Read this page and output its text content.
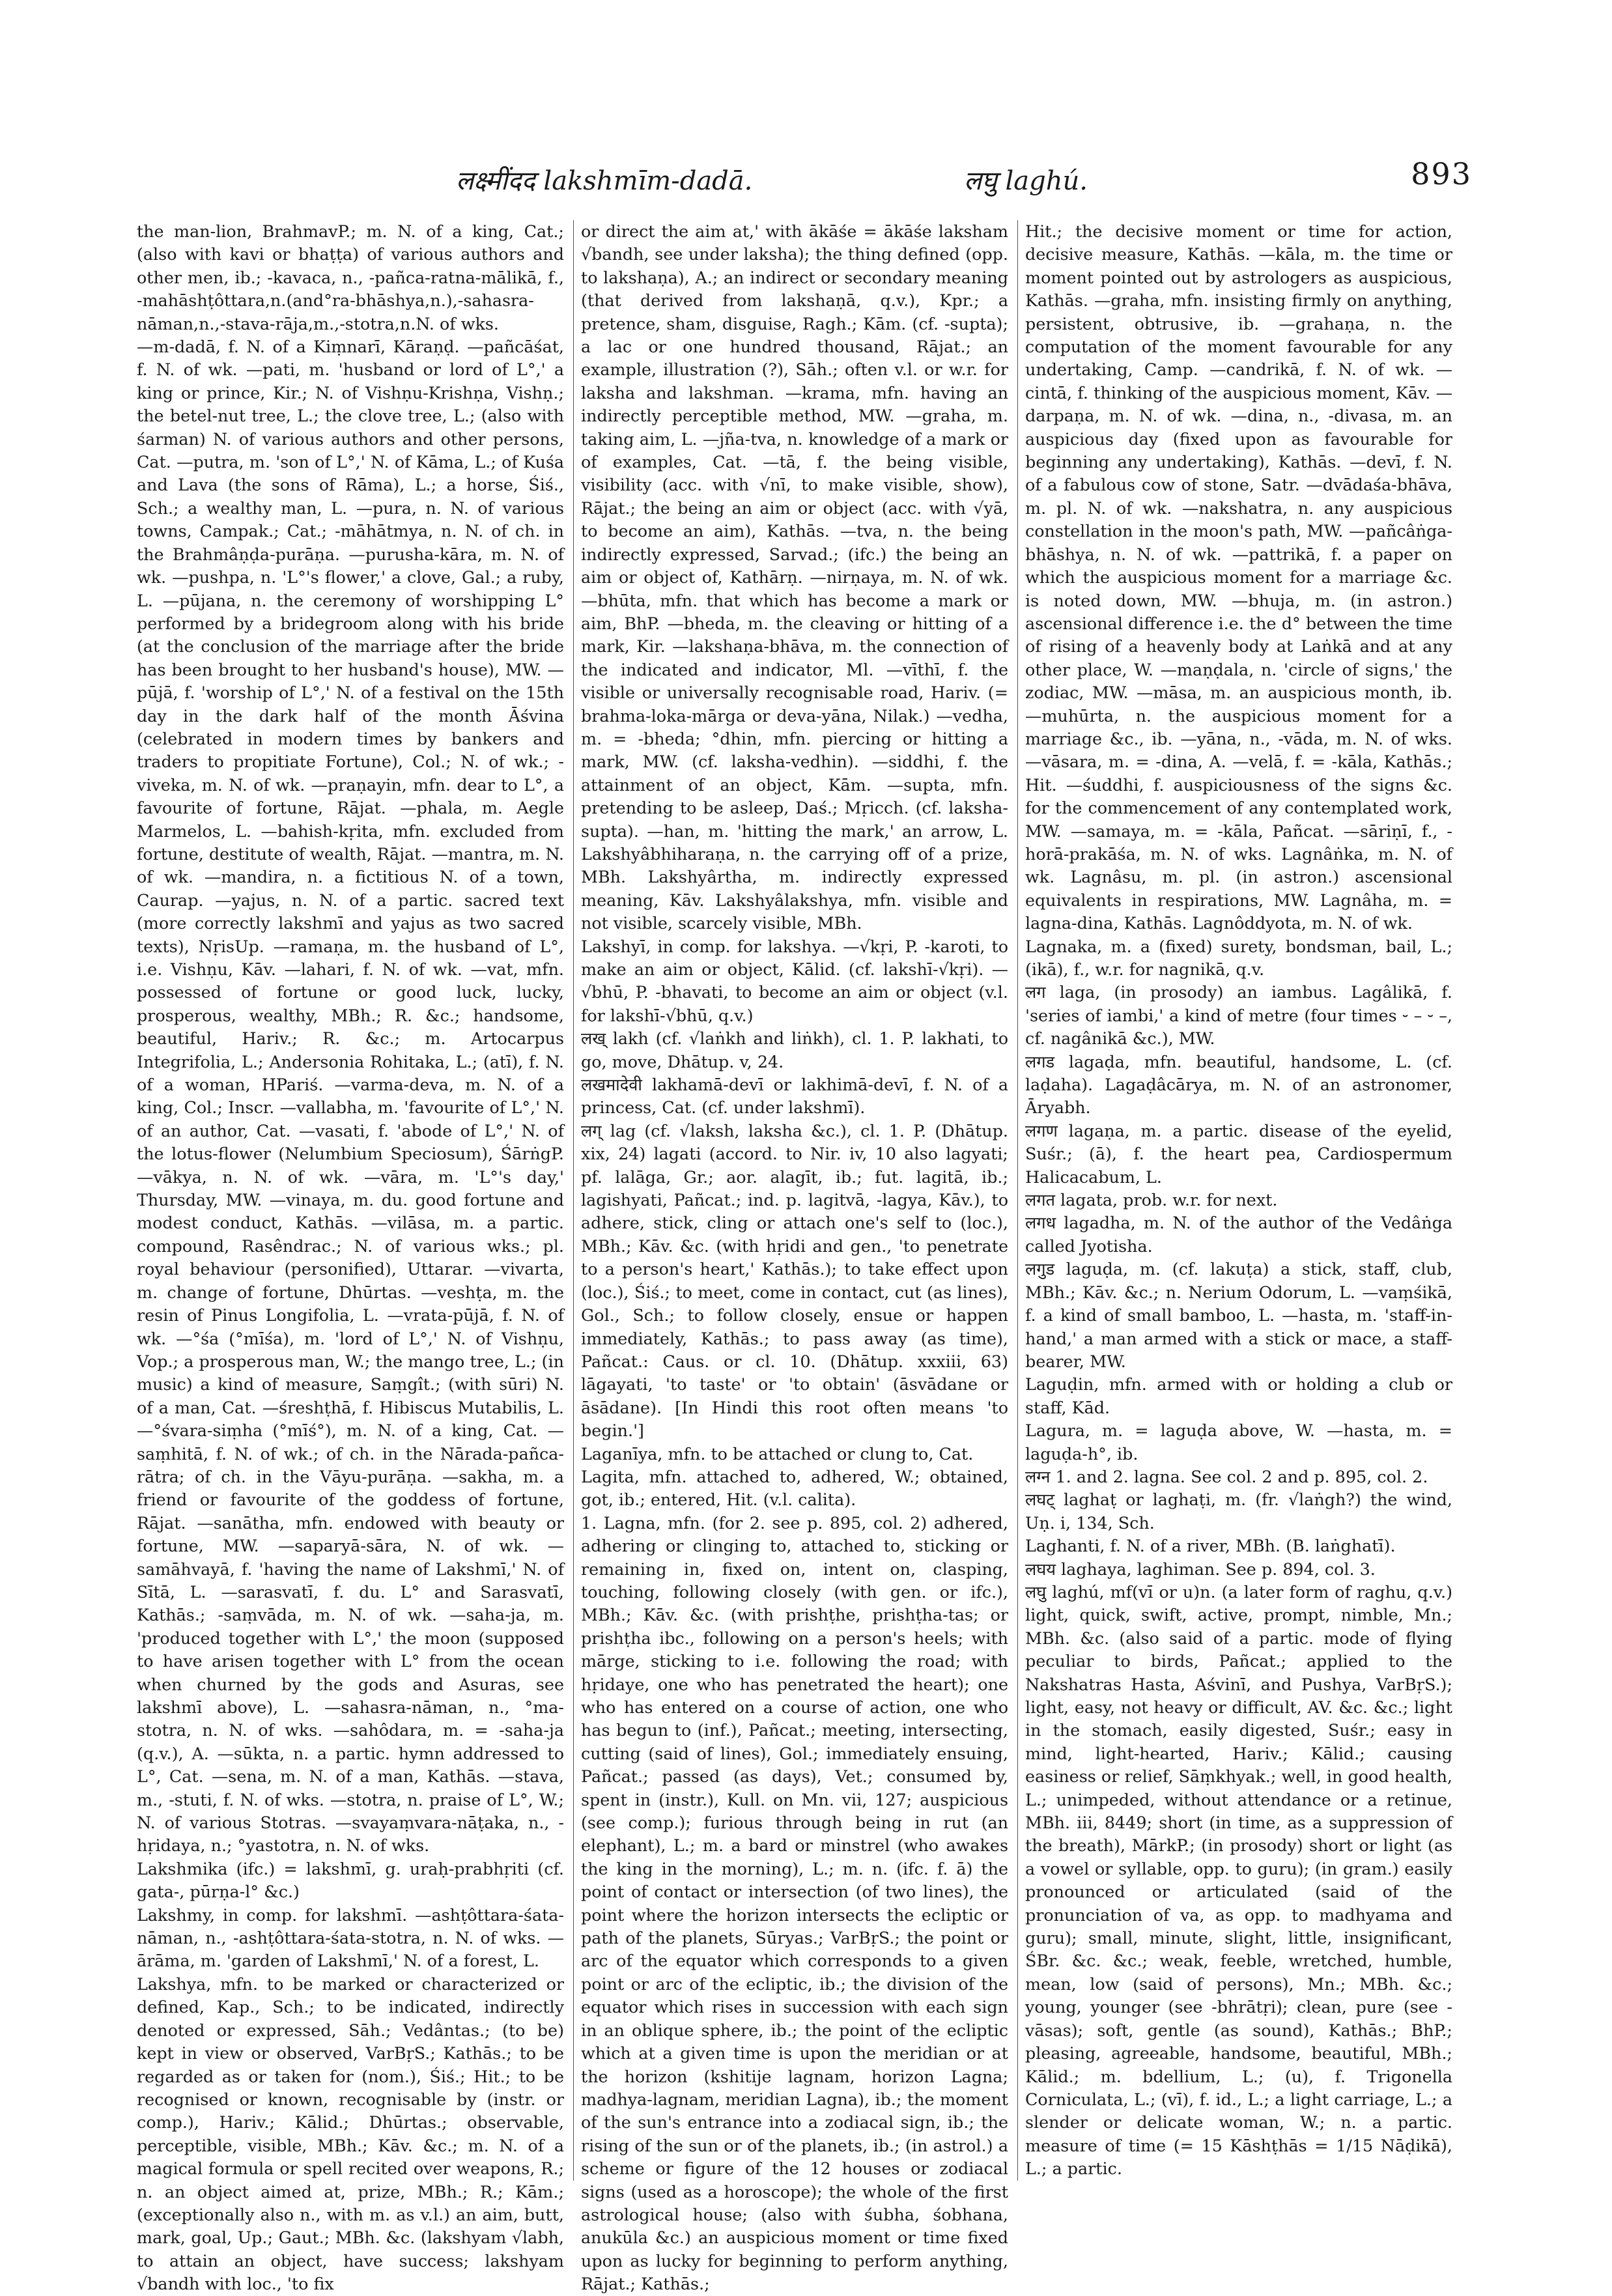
लक्ष्मींदद lakshmīm-dadā.	लघु laghú.	893

the man-lion, BrahmavP.; m. N. of a king, Cat.; (also with kavi or bhaṭṭa) of various authors and other men, ib.; -kavaca, n., -pañca-ratna-mālikā, f., -mahāshṭôttara,n.(and°ra-bhāshya,n.),-sahasra-nāman,n.,-stava-rāja,m.,-stotra,n.N. of wks.

—m-dadā, f. N. of a Kiṃnarī, Kāraṇḍ. —pañcāśat, f. N. of wk. —pati, m. 'husband or lord of L°,' a king or prince, Kir.; N. of Vishṇu-Krishṇa, Vishṇ.; the betel-nut tree, L.; the clove tree, L.; (also with śarman) N. of various authors and other persons, Cat. —putra, m. 'son of L°,' N. of Kāma, L.; of Kuśa and Lava (the sons of Rāma), L.; a horse, Śiś., Sch.; a wealthy man, L. —pura, n. N. of various towns, Campak.; Cat.; -māhātmya, n. N. of ch. in the Brahmâṇḍa-purāṇa. —purusha-kāra, m. N. of wk. —pushpa, n. 'L°'s flower,' a clove, Gal.; a ruby, L. —pūjana, n. the ceremony of worshipping L° performed by a bridegroom along with his bride (at the conclusion of the marriage after the bride has been brought to her husband's house), MW. —pūjā, f. 'worship of L°,' N. of a festival on the 15th day in the dark half of the month Āśvina (celebrated in modern times by bankers and traders to propitiate Fortune), Col.; N. of wk.; -viveka, m. N. of wk. —praṇayin, mfn. dear to L°, a favourite of fortune, Rājat. —phala, m. Aegle Marmelos, L. —bahish-kṛita, mfn. excluded from fortune, destitute of wealth, Rājat. —mantra, m. N. of wk. —mandira, n. a fictitious N. of a town, Caurap. —yajus, n. N. of a partic. sacred text (more correctly lakshmī and yajus as two sacred texts), NṛisUp. —ramaṇa, m. the husband of L°, i.e. Vishṇu, Kāv. —lahari, f. N. of wk. —vat, mfn. possessed of fortune or good luck, lucky, prosperous, wealthy, MBh.; R. &c.; handsome, beautiful, Hariv.; R. &c.; m. Artocarpus Integrifolia, L.; Andersonia Rohitaka, L.; (atī), f. N. of a woman, HPariś. —varma-deva, m. N. of a king, Col.; Inscr. —vallabha, m. 'favourite of L°,' N. of an author, Cat. —vasati, f. 'abode of L°,' N. of the lotus-flower (Nelumbium Speciosum), ŚārṅgP. —vākya, n. N. of wk. —vāra, m. 'L°'s day,' Thursday, MW. —vinaya, m. du. good fortune and modest conduct, Kathās. —vilāsa, m. a partic. compound, Rasêndrac.; N. of various wks.; pl. royal behaviour (personified), Uttarar. —vivarta, m. change of fortune, Dhūrtas. —veshṭa, m. the resin of Pinus Longifolia, L. —vrata-pūjā, f. N. of wk. —°śa (°mīśa), m. 'lord of L°,' N. of Vishṇu, Vop.; a prosperous man, W.; the mango tree, L.; (in music) a kind of measure, Saṃgît.; (with sūri) N. of a man, Cat. —śreshṭhā, f. Hibiscus Mutabilis, L. —°śvara-siṃha (°mīś°), m. N. of a king, Cat. —saṃhitā, f. N. of wk.; of ch. in the Nārada-pañca-rātra; of ch. in the Vāyu-purāṇa. —sakha, m. a friend or favourite of the goddess of fortune, Rājat. —sanātha, mfn. endowed with beauty or fortune, MW. —saparyā-sāra, N. of wk. —samāhvayā, f. 'having the name of Lakshmī,' N. of Sītā, L. —sarasvatī, f. du. L° and Sarasvatī, Kathās.; -saṃvāda, m. N. of wk. —saha-ja, m. 'produced together with L°,' the moon (supposed to have arisen together with L° from the ocean when churned by the gods and Asuras, see lakshmī above), L. —sahasra-nāman, n., °ma-stotra, n. N. of wks. —sahôdara, m. = -saha-ja (q.v.), A. —sūkta, n. a partic. hymn addressed to L°, Cat. —sena, m. N. of a man, Kathās. —stava, m., -stuti, f. N. of wks. —stotra, n. praise of L°, W.; N. of various Stotras. —svayaṃvara-nāṭaka, n., -hṛidaya, n.; °yastotra, n. N. of wks.

Lakshmika (ifc.) = lakshmī, g. uraḥ-prabhṛiti (cf. gata-, pūrṇa-l° &c.)

Lakshmy, in comp. for lakshmī. —ashṭôttara-śata-nāman, n., -ashṭôttara-śata-stotra, n. N. of wks. —ārāma, m. 'garden of Lakshmī,' N. of a forest, L.

Lakshya, mfn. to be marked or characterized or defined, Kap., Sch.; to be indicated, indirectly denoted or expressed, Sāh.; Vedântas.; (to be) kept in view or observed, VarBṛS.; Kathās.; to be regarded as or taken for (nom.), Śiś.; Hit.; to be recognised or known, recognisable by (instr. or comp.), Hariv.; Kālid.; Dhūrtas.; observable, perceptible, visible, MBh.; Kāv. &c.; m. N. of a magical formula or spell recited over weapons, R.; n. an object aimed at, prize, MBh.; R.; Kām.; (exceptionally also n., with m. as v.l.) an aim, butt, mark, goal, Up.; Gaut.; MBh. &c. (lakshyam √labh, to attain an object, have success; lakshyam √bandh with loc., 'to fix

or direct the aim at,' with ākāśe = ākāśe laksham √bandh, see under laksha); the thing defined (opp. to lakshaṇa), A.; an indirect or secondary meaning (that derived from lakshaṇā, q.v.), Kpr.; a pretence, sham, disguise, Ragh.; Kām. (cf. -supta); a lac or one hundred thousand, Rājat.; an example, illustration (?), Sāh.; often v.l. or w.r. for laksha and lakshman. —krama, mfn. having an indirectly perceptible method, MW. —graha, m. taking aim, L. —jña-tva, n. knowledge of a mark or of examples, Cat. —tā, f. the being visible, visibility (acc. with √nī, to make visible, show), Rājat.; the being an aim or object (acc. with √yā, to become an aim), Kathās. —tva, n. the being indirectly expressed, Sarvad.; (ifc.) the being an aim or object of, Kathārṇ. —nirṇaya, m. N. of wk. —bhūta, mfn. that which has become a mark or aim, BhP. —bheda, m. the cleaving or hitting of a mark, Kir. —lakshaṇa-bhāva, m. the connection of the indicated and indicator, Ml. —vīthī, f. the visible or universally recognisable road, Hariv. (= brahma-loka-mārga or deva-yāna, Nilak.) —vedha, m. = -bheda; °dhin, mfn. piercing or hitting a mark, MW. (cf. laksha-vedhin). —siddhi, f. the attainment of an object, Kām. —supta, mfn. pretending to be asleep, Daś.; Mṛicch. (cf. laksha-supta). —han, m. 'hitting the mark,' an arrow, L. Lakshyâbhiharaṇa, n. the carrying off of a prize, MBh. Lakshyârtha, m. indirectly expressed meaning, Kāv. Lakshyâlakshya, mfn. visible and not visible, scarcely visible, MBh.

Lakshyī, in comp. for lakshya. —√kṛi, P. -karoti, to make an aim or object, Kālid. (cf. lakshī-√kṛi). —√bhū, P. -bhavati, to become an aim or object (v.l. for lakshī-√bhū, q.v.)

लख् lakh (cf. √laṅkh and liṅkh), cl. 1. P. lakhati, to go, move, Dhātup. v, 24.

लखमादेवी lakhamā-devī or lakhimā-devī, f. N. of a princess, Cat. (cf. under lakshmī).

लग् lag (cf. √laksh, laksha &c.), cl. 1. P. (Dhātup. xix, 24) lagati (accord. to Nir. iv, 10 also lagyati; pf. lalāga, Gr.; aor. alagīt, ib.; fut. lagitā, ib.; lagishyati, Pañcat.; ind. p. lagitvā, -lagya, Kāv.), to adhere, stick, cling or attach one's self to (loc.), MBh.; Kāv. &c. (with hṛidi and gen., 'to penetrate to a person's heart,' Kathās.); to take effect upon (loc.), Śiś.; to meet, come in contact, cut (as lines), Gol., Sch.; to follow closely, ensue or happen immediately, Kathās.; to pass away (as time), Pañcat.: Caus. or cl. 10. (Dhātup. xxxiii, 63) lāgayati, 'to taste' or 'to obtain' (āsvādane or āsādane). [In Hindi this root often means 'to begin.']

Laganīya, mfn. to be attached or clung to, Cat.

Lagita, mfn. attached to, adhered, W.; obtained, got, ib.; entered, Hit. (v.l. calita).

1. Lagna, mfn. (for 2. see p. 895, col. 2) adhered, adhering or clinging to, attached to, sticking or remaining in, fixed on, intent on, clasping, touching, following closely (with gen. or ifc.), MBh.; Kāv. &c. (with prishṭhe, prishṭha-tas; or prishṭha ibc., following on a person's heels; with mārge, sticking to i.e. following the road; with hṛidaye, one who has penetrated the heart); one who has entered on a course of action, one who has begun to (inf.), Pañcat.; meeting, intersecting, cutting (said of lines), Gol.; immediately ensuing, Pañcat.; passed (as days), Vet.; consumed by, spent in (instr.), Kull. on Mn. vii, 127; auspicious (see comp.); furious through being in rut (an elephant), L.; m. a bard or minstrel (who awakes the king in the morning), L.; m. n. (ifc. f. ā) the point of contact or intersection (of two lines), the point where the horizon intersects the ecliptic or path of the planets, Sūryas.; VarBṛS.; the point or arc of the equator which corresponds to a given point or arc of the ecliptic, ib.; the division of the equator which rises in succession with each sign in an oblique sphere, ib.; the point of the ecliptic which at a given time is upon the meridian or at the horizon (kshitije lagnam, horizon Lagna; madhya-lagnam, meridian Lagna), ib.; the moment of the sun's entrance into a zodiacal sign, ib.; the rising of the sun or of the planets, ib.; (in astrol.) a scheme or figure of the 12 houses or zodiacal signs (used as a horoscope); the whole of the first astrological house; (also with śubha, śobhana, anukūla &c.) an auspicious moment or time fixed upon as lucky for beginning to perform anything, Rājat.; Kathās.;

Hit.; the decisive moment or time for action, decisive measure, Kathās. —kāla, m. the time or moment pointed out by astrologers as auspicious, Kathās. —graha, mfn. insisting firmly on anything, persistent, obtrusive, ib. —grahaṇa, n. the computation of the moment favourable for any undertaking, Camp. —candrikā, f. N. of wk. —cintā, f. thinking of the auspicious moment, Kāv. —darpaṇa, m. N. of wk. —dina, n., -divasa, m. an auspicious day (fixed upon as favourable for beginning any undertaking), Kathās. —devī, f. N. of a fabulous cow of stone, Satr. —dvādaśa-bhāva, m. pl. N. of wk. —nakshatra, n. any auspicious constellation in the moon's path, MW. —pañcâṅga-bhāshya, n. N. of wk. —pattrikā, f. a paper on which the auspicious moment for a marriage &c. is noted down, MW. —bhuja, m. (in astron.) ascensional difference i.e. the d° between the time of rising of a heavenly body at Laṅkā and at any other place, W. —maṇḍala, n. 'circle of signs,' the zodiac, MW. —māsa, m. an auspicious month, ib. —muhūrta, n. the auspicious moment for a marriage &c., ib. —yāna, n., -vāda, m. N. of wks. —vāsara, m. = -dina, A. —velā, f. = -kāla, Kathās.; Hit. —śuddhi, f. auspiciousness of the signs &c. for the commencement of any contemplated work, MW. —samaya, m. = -kāla, Pañcat. —sāriṇī, f., -horā-prakāśa, m. N. of wks. Lagnâṅka, m. N. of wk. Lagnâsu, m. pl. (in astron.) ascensional equivalents in respirations, MW. Lagnâha, m. = lagna-dina, Kathās. Lagnôddyota, m. N. of wk.

Lagnaka, m. a (fixed) surety, bondsman, bail, L.; (ikā), f., w.r. for nagnikā, q.v.

लग laga, (in prosody) an iambus. Lagâlikā, f. 'series of iambi,' a kind of metre (four times ⏑ – ⏑ –, cf. nagânikā &c.), MW.

लगड lagaḍa, mfn. beautiful, handsome, L. (cf. laḍaha). Lagaḍâcārya, m. N. of an astronomer, Āryabh.

लगण lagaṇa, m. a partic. disease of the eyelid, Suśr.; (ā), f. the heart pea, Cardiospermum Halicacabum, L.

लगत lagata, prob. w.r. for next.

लगध lagadha, m. N. of the author of the Vedâṅga called Jyotisha.

लगुड laguḍa, m. (cf. lakuṭa) a stick, staff, club, MBh.; Kāv. &c.; n. Nerium Odorum, L. —vaṃśikā, f. a kind of small bamboo, L. —hasta, m. 'staff-in-hand,' a man armed with a stick or mace, a staff-bearer, MW.

Laguḍin, mfn. armed with or holding a club or staff, Kād.

Lagura, m. = laguḍa above, W. —hasta, m. = laguḍa-h°, ib.

लग्न 1. and 2. lagna. See col. 2 and p. 895, col. 2.

लघट् laghaṭ or laghaṭi, m. (fr. √laṅgh?) the wind, Uṇ. i, 134, Sch.

Laghanti, f. N. of a river, MBh. (B. laṅghatī).

लघय laghaya, laghiman. See p. 894, col. 3.

लघु laghú, mf(vī or u)n. (a later form of raghu, q.v.) light, quick, swift, active, prompt, nimble, Mn.; MBh. &c. (also said of a partic. mode of flying peculiar to birds, Pañcat.; applied to the Nakshatras Hasta, Aśvinī, and Pushya, VarBṛS.); light, easy, not heavy or difficult, AV. &c. &c.; light in the stomach, easily digested, Suśr.; easy in mind, light-hearted, Hariv.; Kālid.; causing easiness or relief, Sāṃkhyak.; well, in good health, L.; unimpeded, without attendance or a retinue, MBh. iii, 8449; short (in time, as a suppression of the breath), MārkP.; (in prosody) short or light (as a vowel or syllable, opp. to guru); (in gram.) easily pronounced or articulated (said of the pronunciation of va, as opp. to madhyama and guru); small, minute, slight, little, insignificant, ŚBr. &c. &c.; weak, feeble, wretched, humble, mean, low (said of persons), Mn.; MBh. &c.; young, younger (see -bhrātṛi); clean, pure (see -vāsas); soft, gentle (as sound), Kathās.; BhP.; pleasing, agreeable, handsome, beautiful, MBh.; Kālid.; m. bdellium, L.; (u), f. Trigonella Corniculata, L.; (vī), f. id., L.; a light carriage, L.; a slender or delicate woman, W.; n. a partic. measure of time (= 15 Kāshṭhās = 1/15 Nāḍikā), L.; a partic.
